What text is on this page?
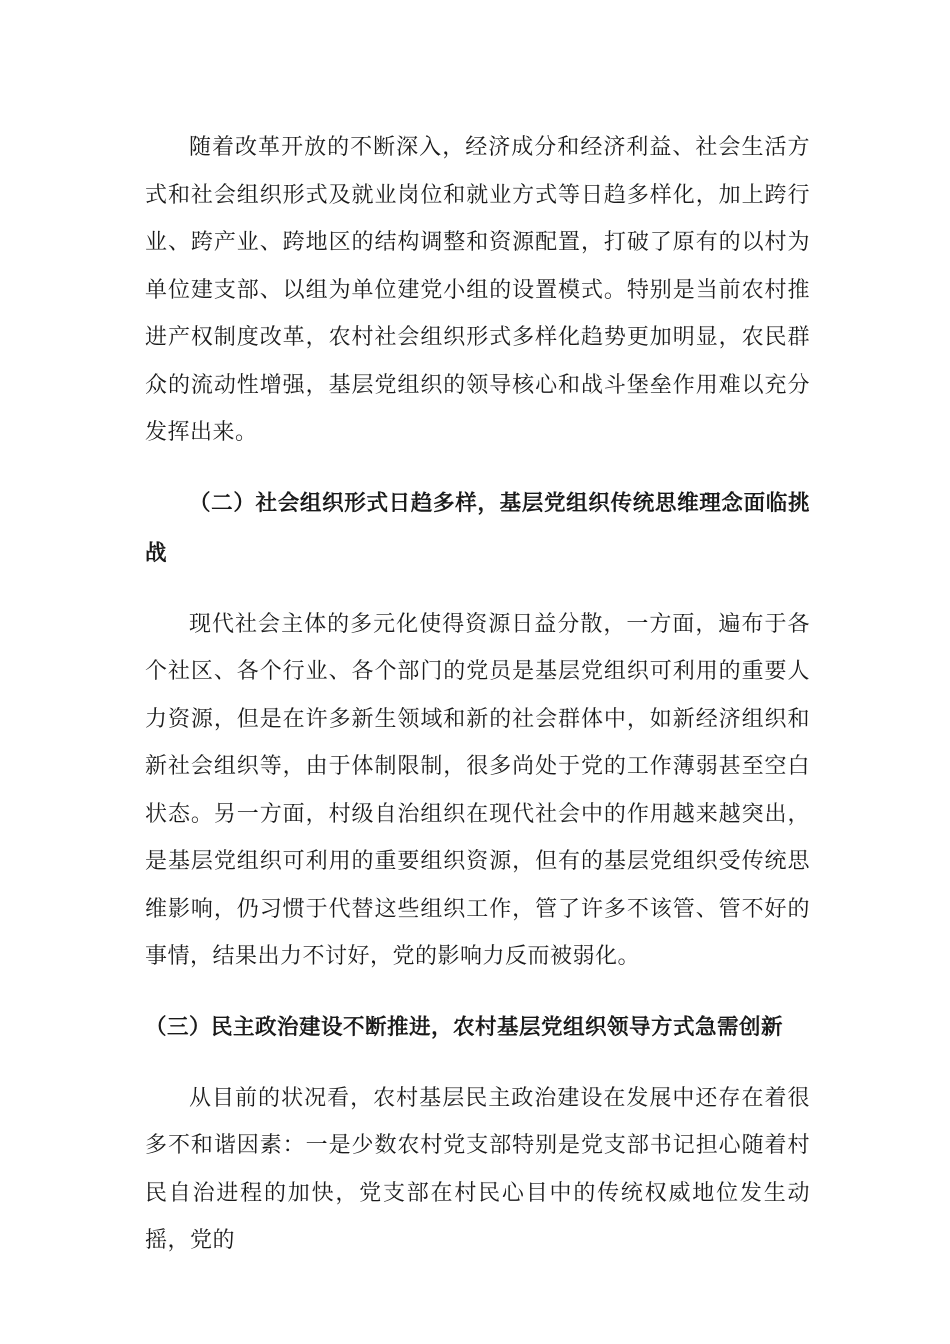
随着改革开放的不断深入，经济成分和经济利益、社会生活方式和社会组织形式及就业岗位和就业方式等日趋多样化，加上跨行业、跨产业、跨地区的结构调整和资源配置，打破了原有的以村为单位建支部、以组为单位建党小组的设置模式。特别是当前农村推进产权制度改革，农村社会组织形式多样化趋势更加明显，农民群众的流动性增强，基层党组织的领导核心和战斗堡垒作用难以充分发挥出来。

（二）社会组织形式日趋多样，基层党组织传统思维理念面临挑战

现代社会主体的多元化使得资源日益分散，一方面，遍布于各个社区、各个行业、各个部门的党员是基层党组织可利用的重要人力资源，但是在许多新生领域和新的社会群体中，如新经济组织和新社会组织等，由于体制限制，很多尚处于党的工作薄弱甚至空白状态。另一方面，村级自治组织在现代社会中的作用越来越突出，是基层党组织可利用的重要组织资源，但有的基层党组织受传统思维影响，仍习惯于代替这些组织工作，管了许多不该管、管不好的事情，结果出力不讨好，党的影响力反而被弱化。

（三）民主政治建设不断推进，农村基层党组织领导方式急需创新

从目前的状况看，农村基层民主政治建设在发展中还存在着很多不和谐因素：一是少数农村党支部特别是党支部书记担心随着村民自治进程的加快，党支部在村民心目中的传统权威地位发生动摇，党的
